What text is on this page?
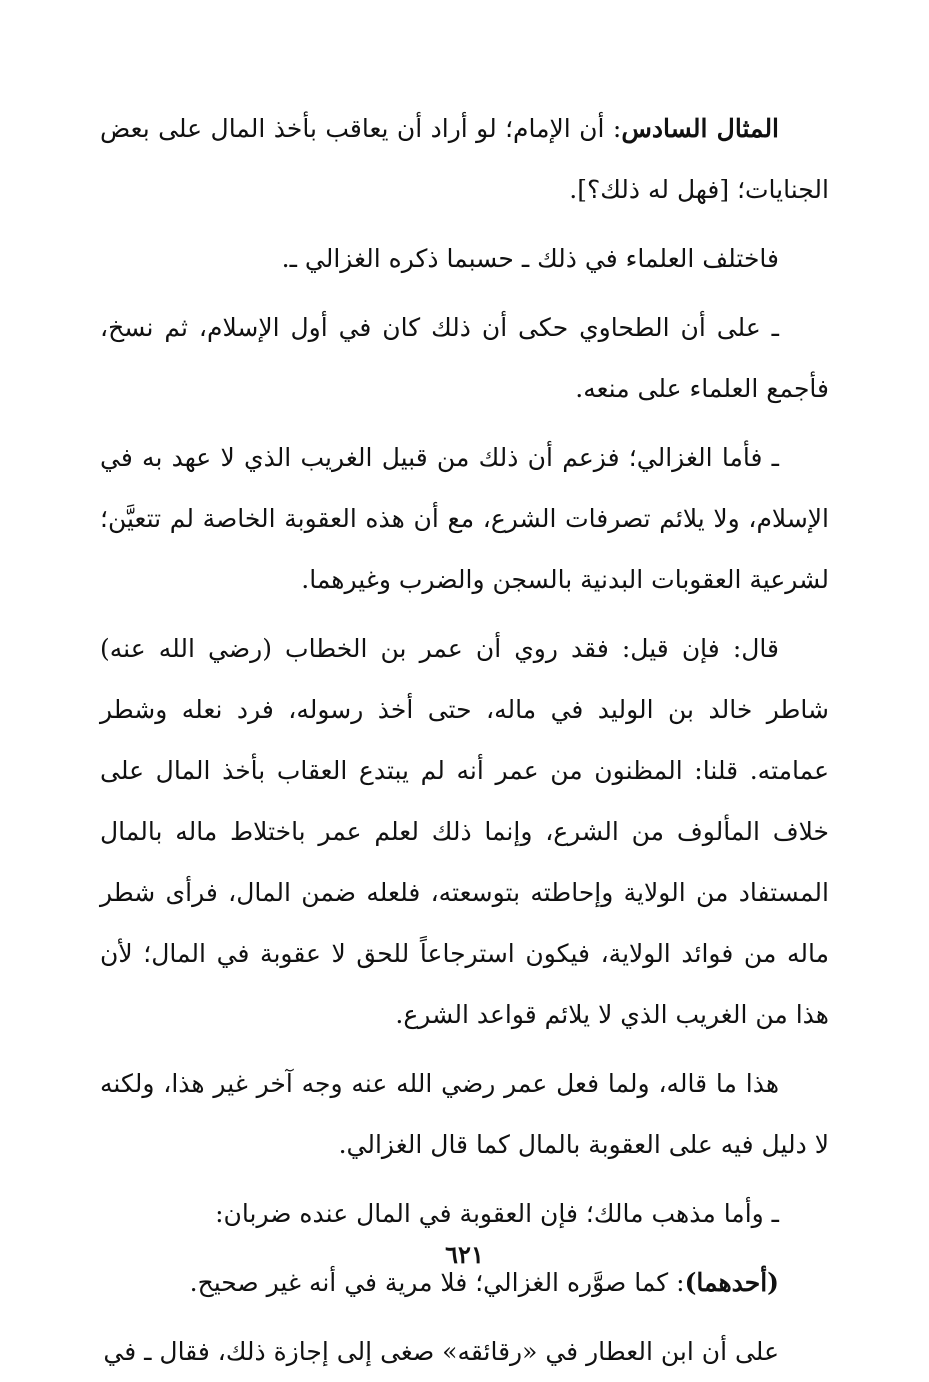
المثال السادس: أن الإمام؛ لو أراد أن يعاقب بأخذ المال على بعض الجنايات؛ [فهل له ذلك؟].

فاختلف العلماء في ذلك ـ حسبما ذكره الغزالي ـ.

ـ على أن الطحاوي حكى أن ذلك كان في أول الإسلام، ثم نسخ، فأجمع العلماء على منعه.

ـ فأما الغزالي؛ فزعم أن ذلك من قبيل الغريب الذي لا عهد به في الإسلام، ولا يلائم تصرفات الشرع، مع أن هذه العقوبة الخاصة لم تتعيَّن؛ لشرعية العقوبات البدنية بالسجن والضرب وغيرهما.

قال: فإن قيل: فقد روي أن عمر بن الخطاب (رضي الله عنه) شاطر خالد بن الوليد في ماله، حتى أخذ رسوله، فرد نعله وشطر عمامته. قلنا: المظنون من عمر أنه لم يبتدع العقاب بأخذ المال على خلاف المألوف من الشرع، وإنما ذلك لعلم عمر باختلاط ماله بالمال المستفاد من الولاية وإحاطته بتوسعته، فلعله ضمن المال، فرأى شطر ماله من فوائد الولاية، فيكون استرجاعاً للحق لا عقوبة في المال؛ لأن هذا من الغريب الذي لا يلائم قواعد الشرع.

هذا ما قاله، ولما فعل عمر رضي الله عنه وجه آخر غير هذا، ولكنه لا دليل فيه على العقوبة بالمال كما قال الغزالي.

ـ وأما مذهب مالك؛ فإن العقوبة في المال عنده ضربان:

(أحدهما): كما صوَّره الغزالي؛ فلا مرية في أنه غير صحيح.

على أن ابن العطار في «رقائقه» صغى إلى إجازة ذلك، فقال ـ في

٦٢١
